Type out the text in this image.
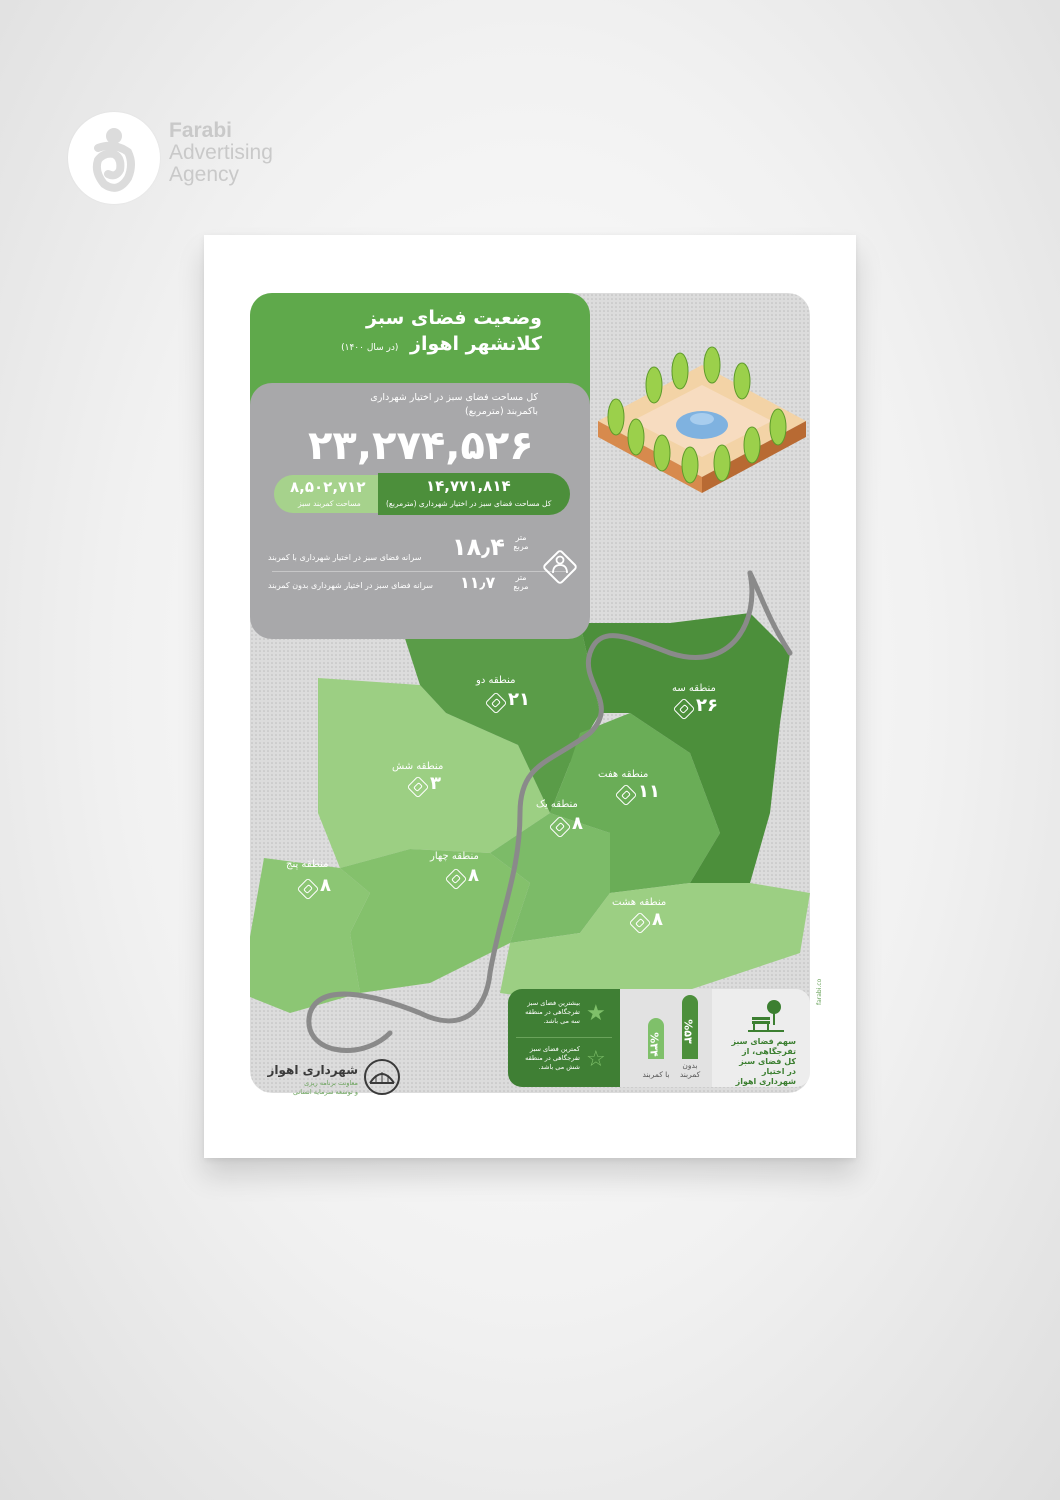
Farabi
Advertising
Agency
وضعیت فضای سبز
کلانشهر اهواز (در سال ۱۴۰۰)
کل مساحت فضای سبز در اختیار شهرداری باکمربند (مترمربع)
۲۳,۲۷۴,۵۲۶
۸,۵۰۲,۷۱۲
مساحت کمربند سبز
۱۴,۷۷۱,۸۱۴
کل مساحت فضای سبز در اختیار شهرداری (مترمربع)
۱۸٫۴	متر مربع
سرانه فضای سبز در اختیار شهرداری با کمربند
۱۱٫۷	متر مربع
سرانه فضای سبز در اختیار شهرداری بدون کمربند
منطقه دو
۲۱
منطقه سه
۲۶
منطقه شش
۳	منطقه هفت
۱۱
منطقه یک
۸
منطقه چهار
۸
منطقه پنج
۸
منطقه هشت
۸
بیشترین فضای سبز تفرجگاهی در منطقه سه می باشد. ★
کمترین فضای سبز تفرجگاهی در منطقه شش می باشد. ☆
%۳۴
%۵۳
با کمربند
بدون کمربند
سهم فضای سبز تفرجگاهی، از کل فضای سبز در اختیار شهرداری اهواز
farabi.co
شهرداری اهواز
معاونت برنامه ریزی
و توسعه سرمایه انسانی
